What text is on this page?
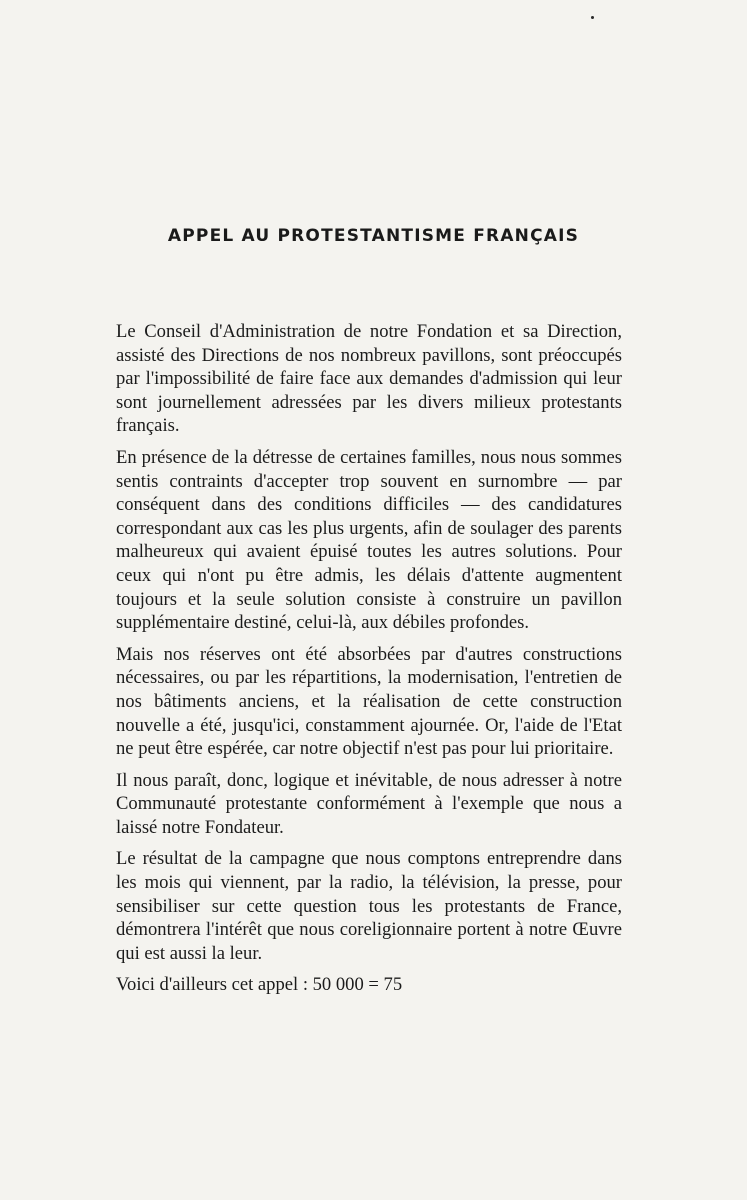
APPEL AU PROTESTANTISME FRANÇAIS

Le Conseil d'Administration de notre Fondation et sa Direction, assisté des Directions de nos nombreux pavillons, sont préoccupés par l'impossibilité de faire face aux demandes d'admission qui leur sont journellement adressées par les divers milieux protestants français.

En présence de la détresse de certaines familles, nous nous sommes sentis contraints d'accepter trop souvent en surnombre — par conséquent dans des conditions difficiles — des candidatures correspondant aux cas les plus urgents, afin de soulager des parents malheureux qui avaient épuisé toutes les autres solutions. Pour ceux qui n'ont pu être admis, les délais d'attente augmentent toujours et la seule solution consiste à construire un pavillon supplémentaire destiné, celui-là, aux débiles profondes.

Mais nos réserves ont été absorbées par d'autres constructions nécessaires, ou par les répartitions, la modernisation, l'entretien de nos bâtiments anciens, et la réalisation de cette construction nouvelle a été, jusqu'ici, constamment ajournée. Or, l'aide de l'Etat ne peut être espérée, car notre objectif n'est pas pour lui prioritaire.

Il nous paraît, donc, logique et inévitable, de nous adresser à notre Communauté protestante conformément à l'exemple que nous a laissé notre Fondateur.

Le résultat de la campagne que nous comptons entreprendre dans les mois qui viennent, par la radio, la télévision, la presse, pour sensibiliser sur cette question tous les protestants de France, démontrera l'intérêt que nous coreligionnaire portent à notre Œuvre qui est aussi la leur.

Voici d'ailleurs cet appel : 50 000 = 75
